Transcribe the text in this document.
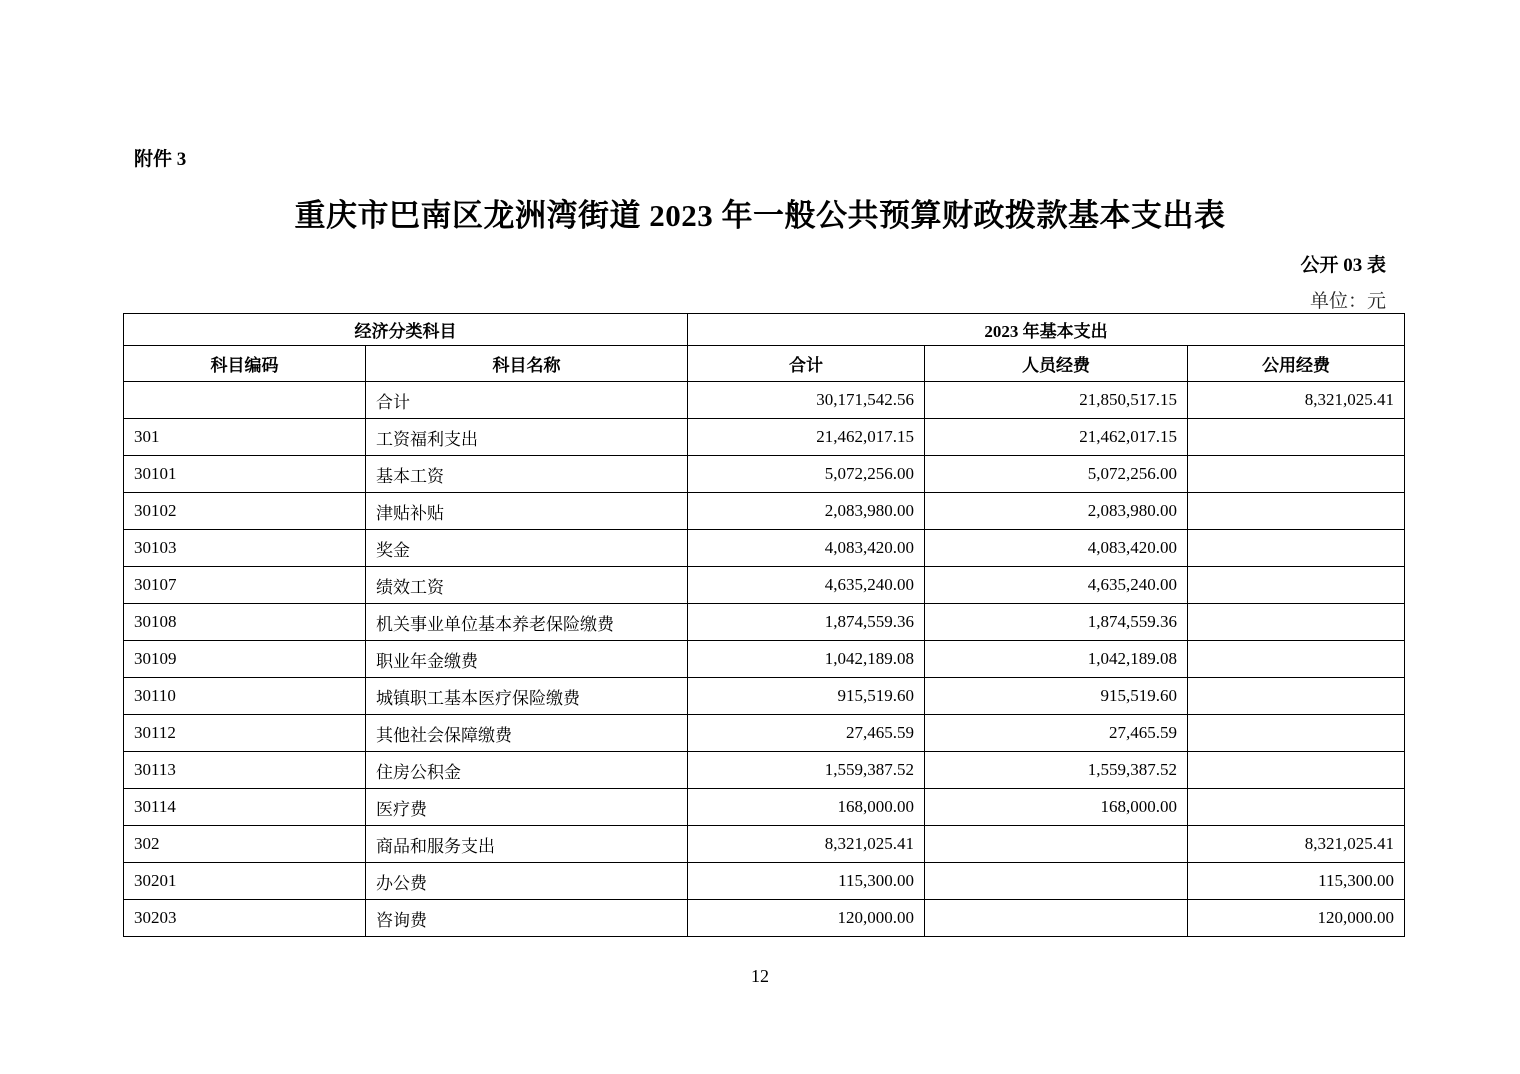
附件 3
重庆市巴南区龙洲湾街道 2023 年一般公共预算财政拨款基本支出表
公开 03 表
单位：元
经济分类科目		2023 年基本支出		
科目编码	科目名称	合计	人员经费	公用经费
	合计	30,171,542.56	21,850,517.15	8,321,025.41
301	工资福利支出	21,462,017.15	21,462,017.15	
30101	基本工资	5,072,256.00	5,072,256.00	
30102	津贴补贴	2,083,980.00	2,083,980.00	
30103	奖金	4,083,420.00	4,083,420.00	
30107	绩效工资	4,635,240.00	4,635,240.00	
30108	机关事业单位基本养老保险缴费	1,874,559.36	1,874,559.36	
30109	职业年金缴费	1,042,189.08	1,042,189.08	
30110	城镇职工基本医疗保险缴费	915,519.60	915,519.60	
30112	其他社会保障缴费	27,465.59	27,465.59	
30113	住房公积金	1,559,387.52	1,559,387.52	
30114	医疗费	168,000.00	168,000.00	
302	商品和服务支出	8,321,025.41		8,321,025.41
30201	办公费	115,300.00		115,300.00
30203	咨询费	120,000.00		120,000.00
12
